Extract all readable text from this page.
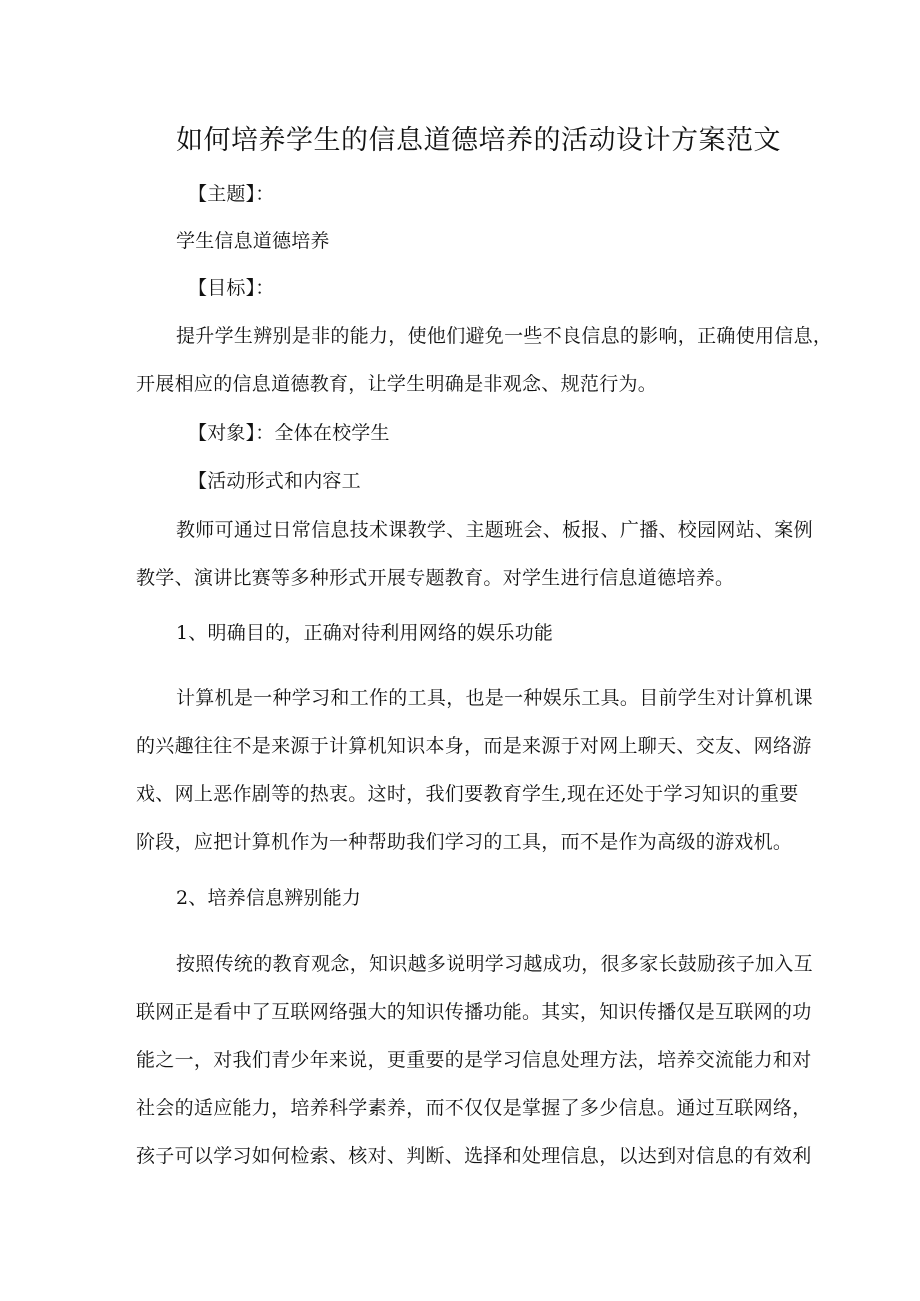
如何培养学生的信息道德培养的活动设计方案范文
【主题】：
学生信息道德培养
【目标】：
提升学生辨别是非的能力，使他们避免一些不良信息的影响，正确使用信息，
开展相应的信息道德教育，让学生明确是非观念、规范行为。
【对象】：全体在校学生
【活动形式和内容工
教师可通过日常信息技术课教学、主题班会、板报、广播、校园网站、案例
教学、演讲比赛等多种形式开展专题教育。对学生进行信息道德培养。
1、明确目的，正确对待利用网络的娱乐功能
计算机是一种学习和工作的工具，也是一种娱乐工具。目前学生对计算机课
的兴趣往往不是来源于计算机知识本身，而是来源于对网上聊天、交友、网络游
戏、网上恶作剧等的热衷。这时，我们要教育学生,现在还处于学习知识的重要
阶段，应把计算机作为一种帮助我们学习的工具，而不是作为高级的游戏机。
2、培养信息辨别能力
按照传统的教育观念，知识越多说明学习越成功，很多家长鼓励孩子加入互
联网正是看中了互联网络强大的知识传播功能。其实，知识传播仅是互联网的功
能之一，对我们青少年来说，更重要的是学习信息处理方法，培养交流能力和对
社会的适应能力，培养科学素养，而不仅仅是掌握了多少信息。通过互联网络，
孩子可以学习如何检索、核对、判断、选择和处理信息，以达到对信息的有效利
